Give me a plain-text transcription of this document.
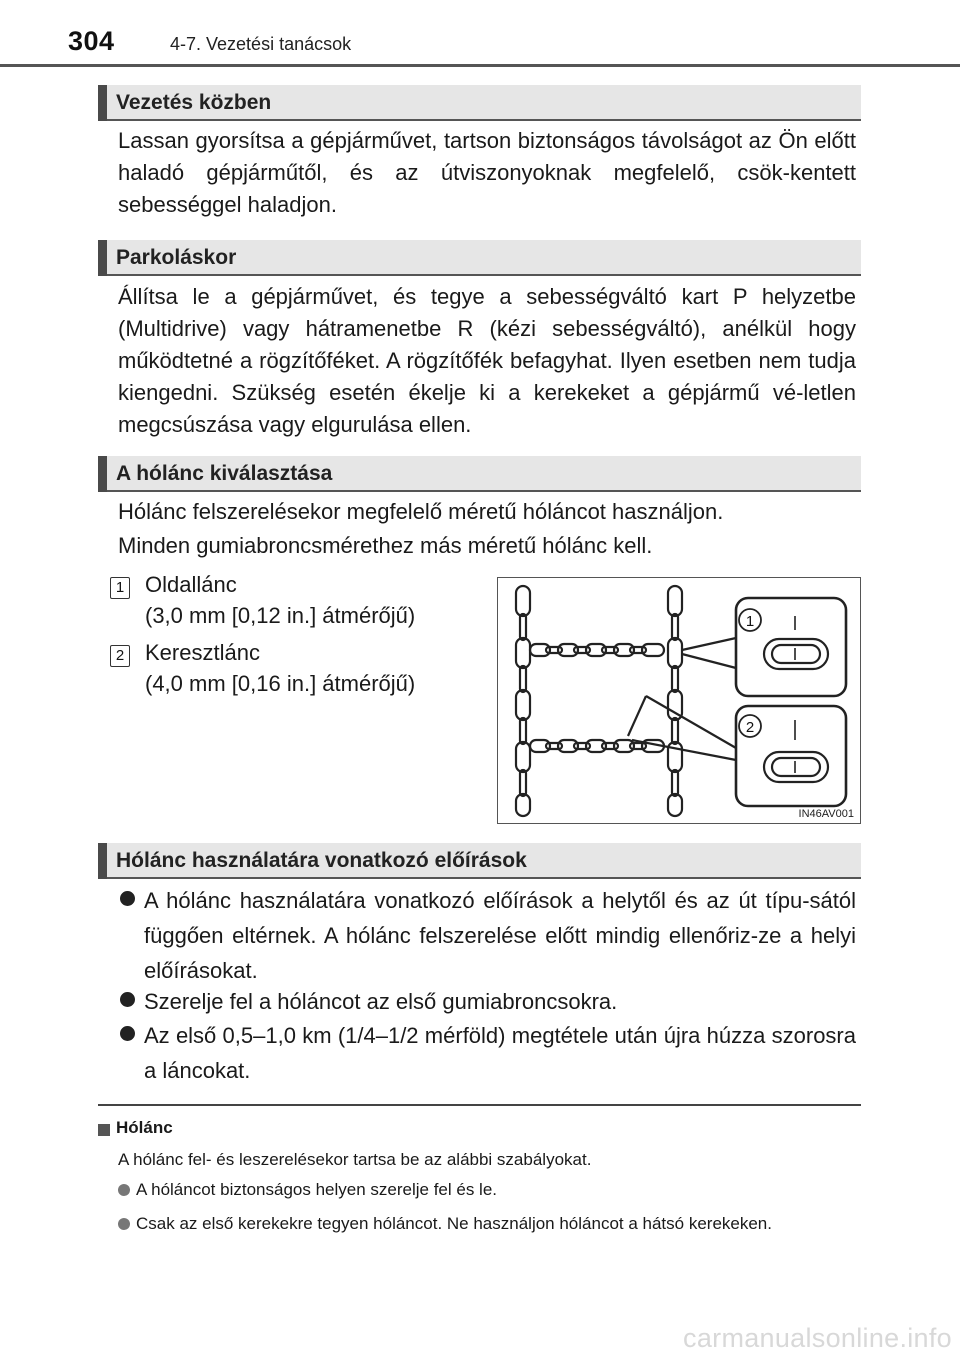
304	4-7. Vezetési tanácsok
Vezetés közben

Lassan gyorsítsa a gépjárművet, tartson biztonságos távolságot az Ön előtt haladó gépjárműtől, és az útviszonyoknak megfelelő, csök-kentett sebességgel haladjon.

Parkoláskor

Állítsa le a gépjárművet, és tegye a sebességváltó kart P helyzetbe (Multidrive) vagy hátramenetbe R (kézi sebességváltó), anélkül hogy működtetné a rögzítőféket. A rögzítőfék befagyhat. Ilyen esetben nem tudja kiengedni. Szükség esetén ékelje ki a kerekeket a gépjármű vé-letlen megcsúszása vagy elgurulása ellen.

A hólánc kiválasztása
Hólánc felszerelésekor megfelelő méretű hóláncot használjon.
Minden gumiabroncsmérethez más méretű hólánc kell.
1 Oldallánc
(3,0 mm [0,12 in.] átmérőjű)
2 Keresztlánc
(4,0 mm [0,16 in.] átmérőjű)
1
2
IN46AV001
Hólánc használatára vonatkozó előírások

A hólánc használatára vonatkozó előírások a helytől és az út típu-sától függően eltérnek. A hólánc felszerelése előtt mindig ellenőriz-ze a helyi előírásokat.

Szerelje fel a hóláncot az első gumiabroncsokra.

Az első 0,5–1,0 km (1/4–1/2 mérföld) megtétele után újra húzza szorosra a láncokat.

Hólánc
A hólánc fel- és leszerelésekor tartsa be az alábbi szabályokat.

A hóláncot biztonságos helyen szerelje fel és le.

Csak az első kerekekre tegyen hóláncot. Ne használjon hóláncot a hátsó kerekeken.

carmanualsonline.info
